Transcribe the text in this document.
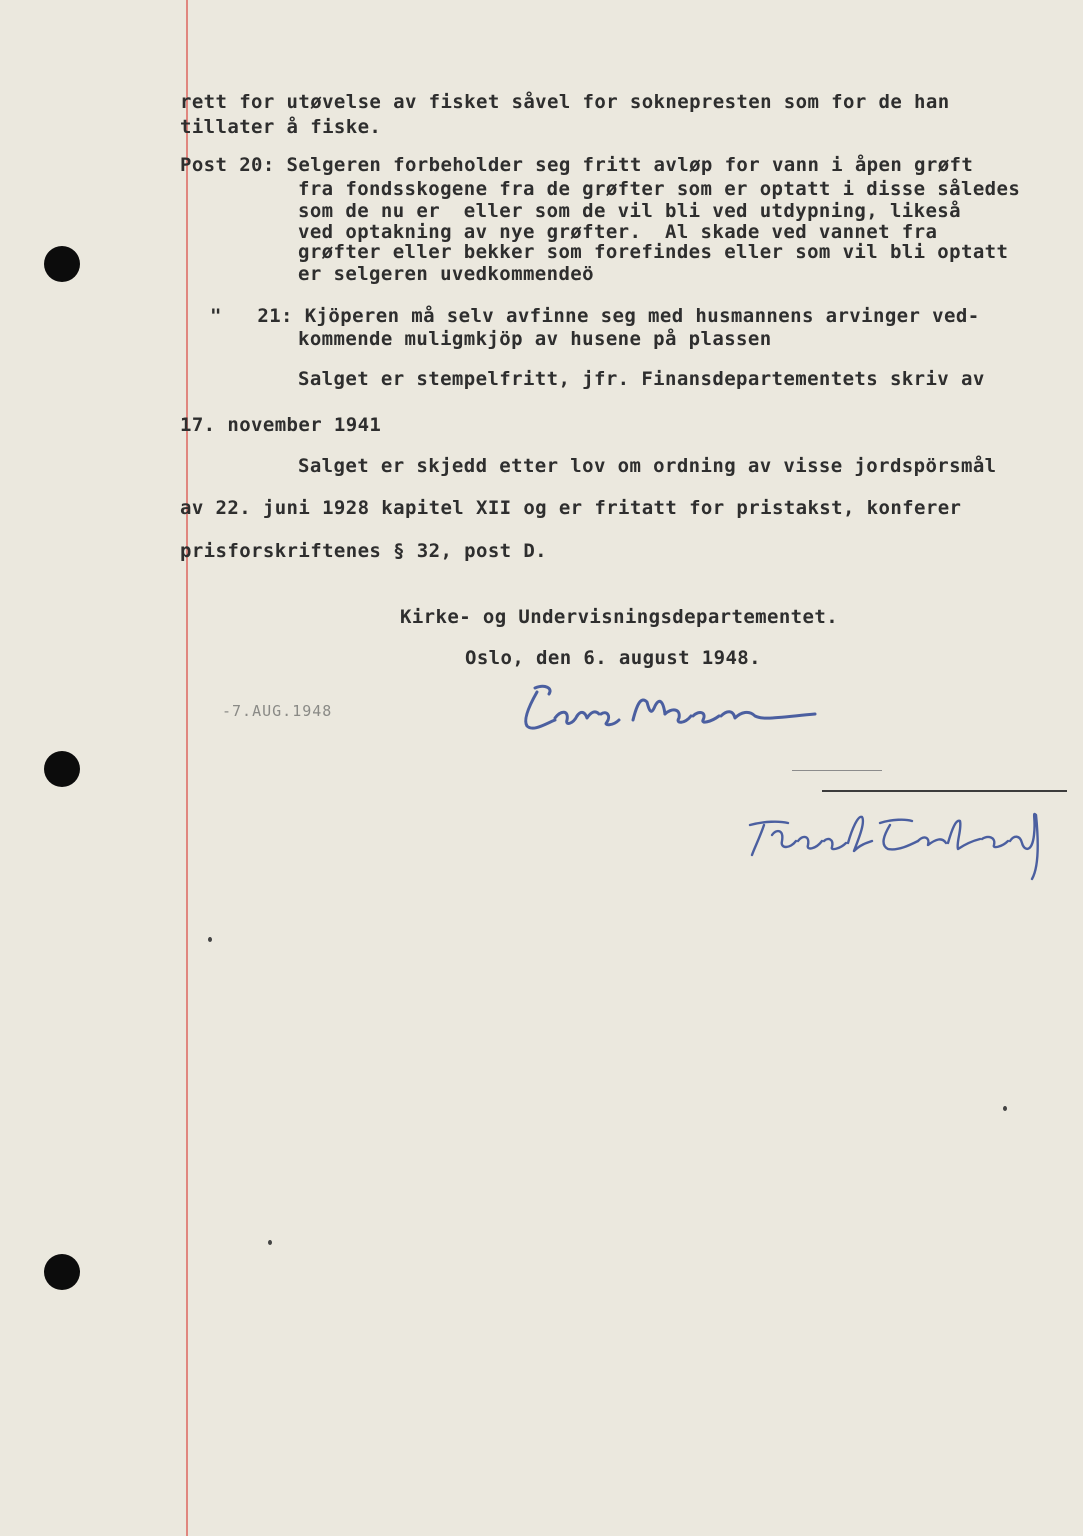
rett for utøvelse av fisket såvel for soknepresten som for de han
tillater å fiske.
Post 20: Selgeren forbeholder seg fritt avløp for vann i åpen grøft
fra fondsskogene fra de grøfter som er optatt i disse således
som de nu er  eller som de vil bli ved utdypning, likeså
ved optakning av nye grøfter.  Al skade ved vannet fra
grøfter eller bekker som forefindes eller som vil bli optatt
er selgeren uvedkommendeö
"   21: Kjöperen må selv avfinne seg med husmannens arvinger ved-
kommende muligmkjöp av husene på plassen
Salget er stempelfritt, jfr. Finansdepartementets skriv av
17. november 1941
Salget er skjedd etter lov om ordning av visse jordspörsmål
av 22. juni 1928 kapitel XII og er fritatt for pristakst, konferer
prisforskriftenes § 32, post D.
Kirke- og Undervisningsdepartementet.
Oslo, den 6. august 1948.
-7.AUG.1948
